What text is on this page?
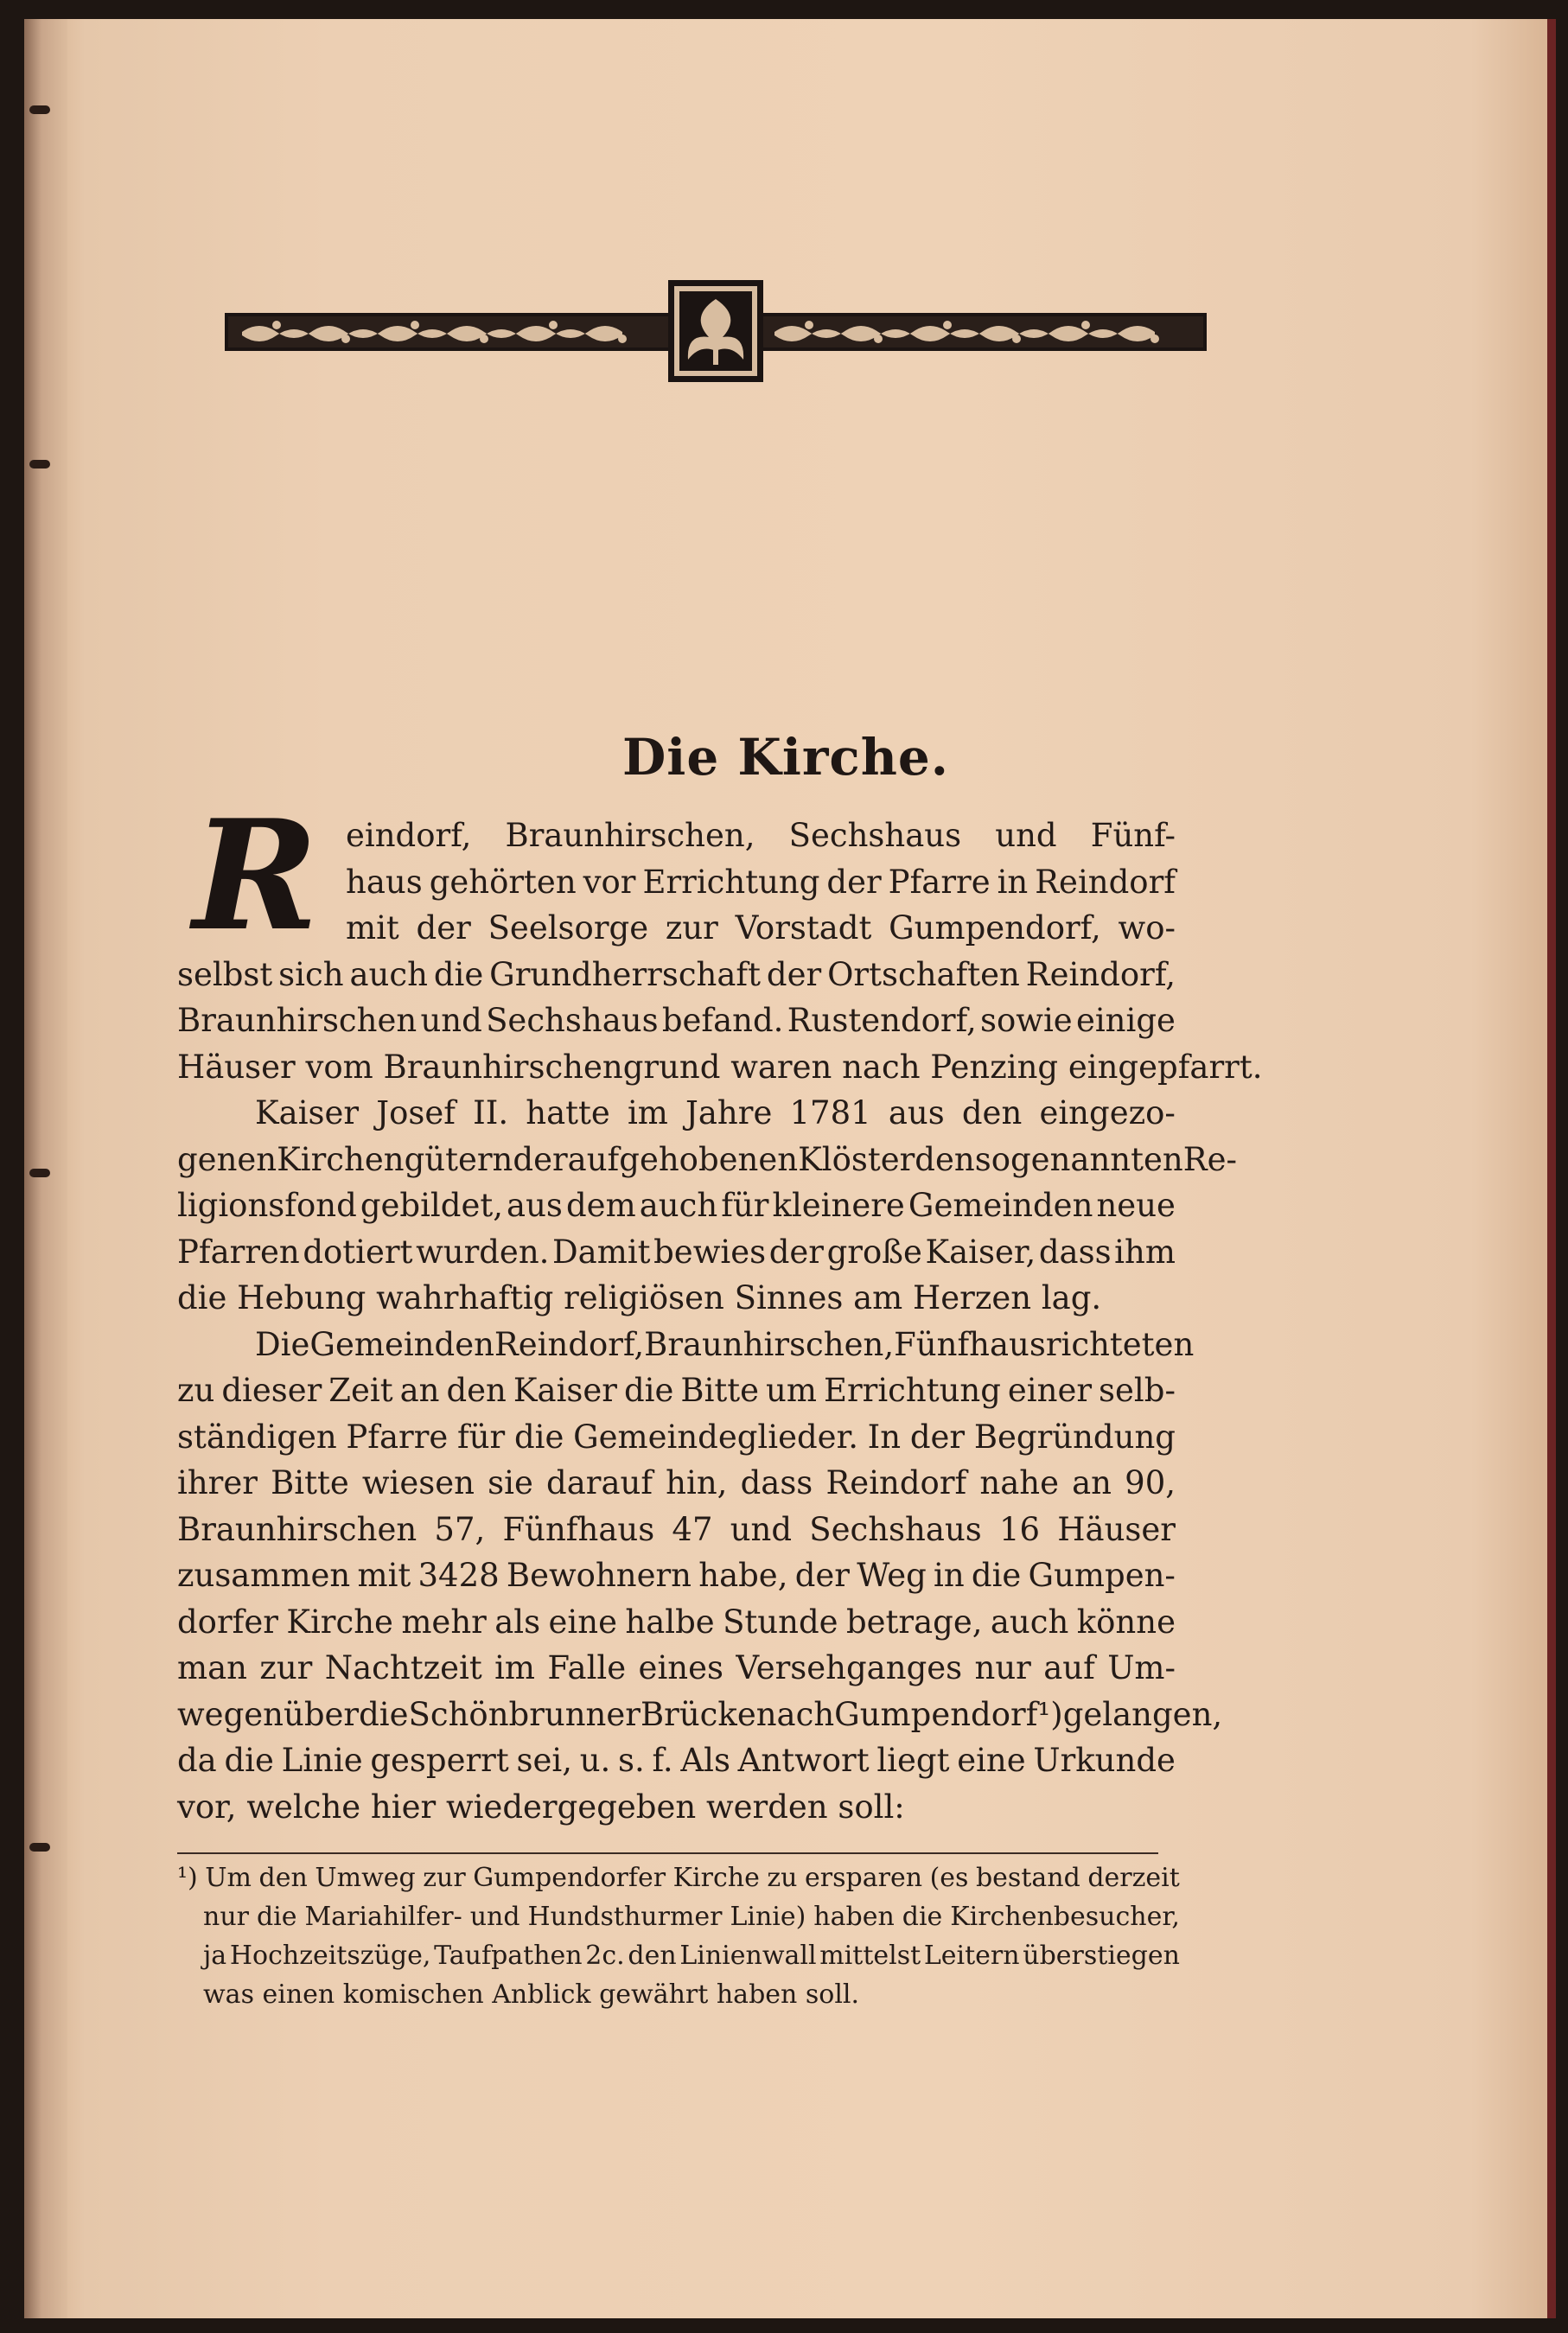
Die Kirche.
R eindorf, Braunhirschen, Sechshaus und Fünf-
haus gehörten vor Errichtung der Pfarre in Reindorf
mit der Seelsorge zur Vorstadt Gumpendorf, wo-
selbst sich auch die Grundherrschaft der Ortschaften Reindorf,
Braunhirschen und Sechshaus befand. Rustendorf, sowie einige
Häuser vom Braunhirschengrund waren nach Penzing eingepfarrt.
Kaiser Josef II. hatte im Jahre 1781 aus den eingezo-
genen Kirchengütern der aufgehobenen Klöster den sogenannten Re-
ligionsfond gebildet, aus dem auch für kleinere Gemeinden neue
Pfarren dotiert wurden. Damit bewies der große Kaiser, dass ihm
die Hebung wahrhaftig religiösen Sinnes am Herzen lag.
Die Gemeinden Reindorf, Braunhirschen, Fünfhaus richteten
zu dieser Zeit an den Kaiser die Bitte um Errichtung einer selb-
ständigen Pfarre für die Gemeindeglieder. In der Begründung
ihrer Bitte wiesen sie darauf hin, dass Reindorf nahe an 90,
Braunhirschen 57, Fünfhaus 47 und Sechshaus 16 Häuser
zusammen mit 3428 Bewohnern habe, der Weg in die Gumpen-
dorfer Kirche mehr als eine halbe Stunde betrage, auch könne
man zur Nachtzeit im Falle eines Versehganges nur auf Um-
wegen über die Schönbrunner Brücke nach Gumpendorf ¹) gelangen,
da die Linie gesperrt sei, u. s. f. Als Antwort liegt eine Urkunde
vor, welche hier wiedergegeben werden soll:
¹) Um den Umweg zur Gumpendorfer Kirche zu ersparen (es bestand derzeit
nur die Mariahilfer- und Hundsthurmer Linie) haben die Kirchenbesucher,
ja Hochzeitszüge, Taufpathen 2c. den Linienwall mittelst Leitern überstiegen
was einen komischen Anblick gewährt haben soll.
